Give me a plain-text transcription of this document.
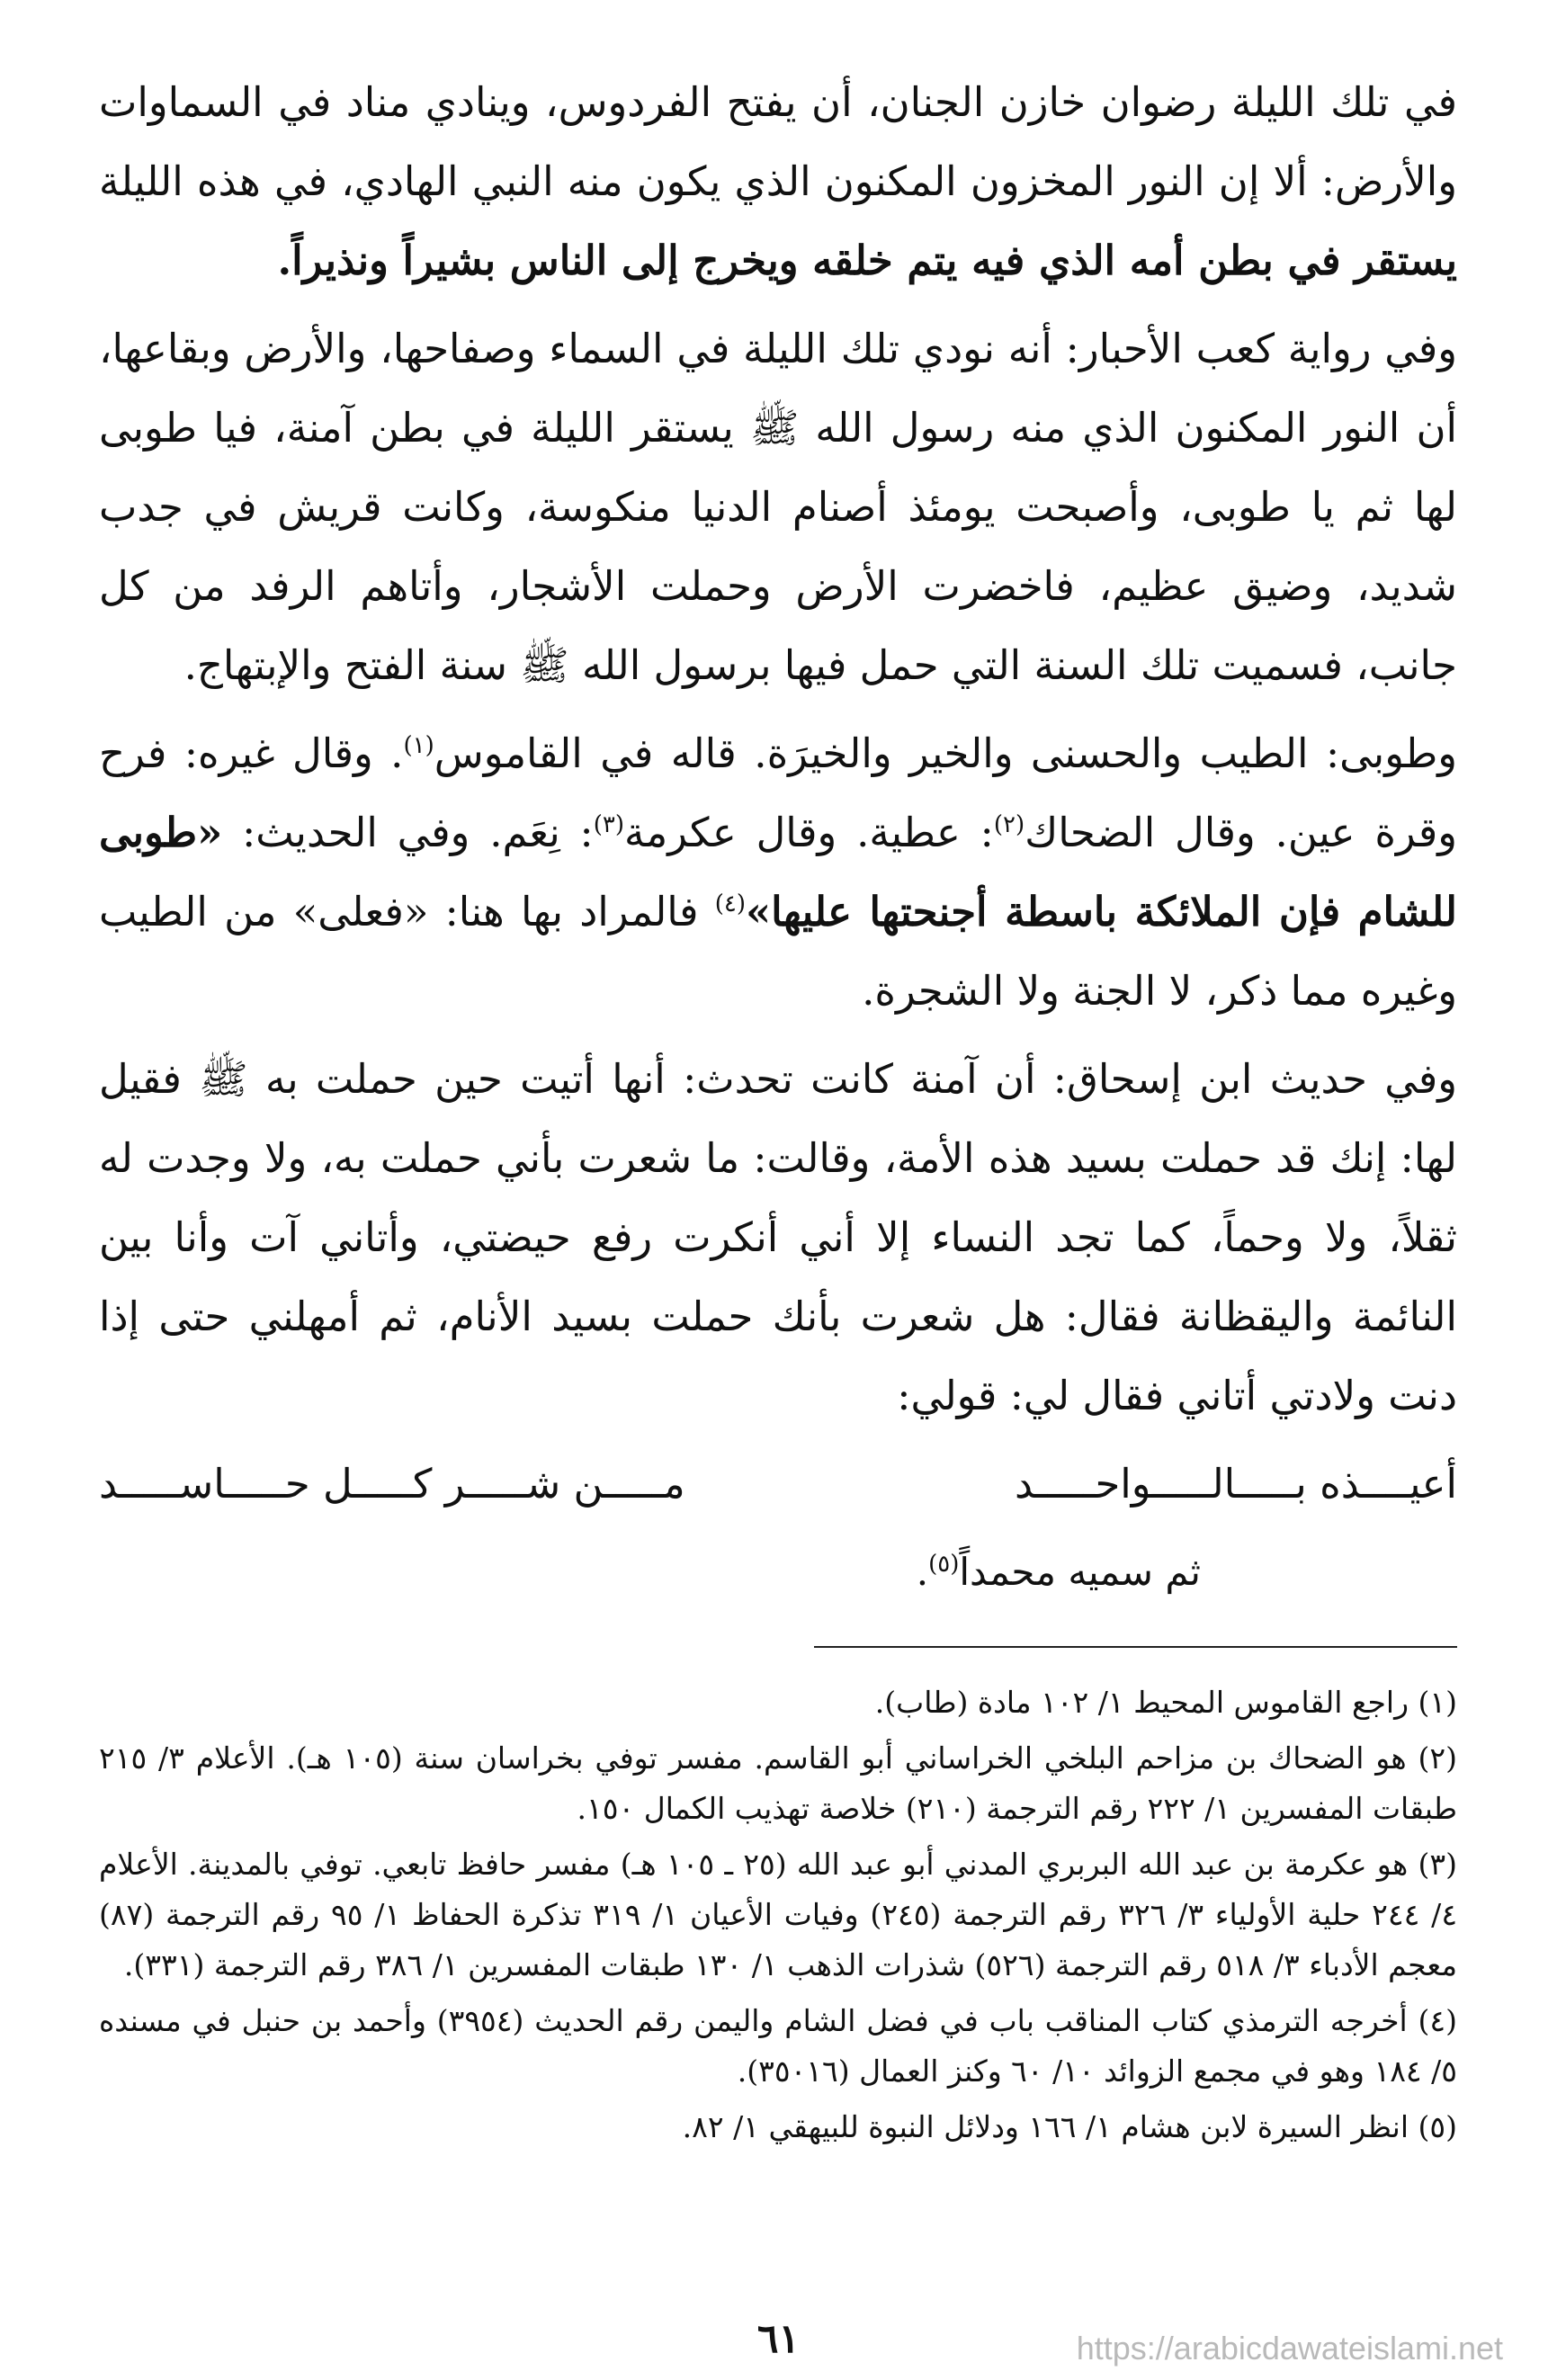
في تلك الليلة رضوان خازن الجنان، أن يفتح الفردوس، وينادي مناد في السماوات والأرض: ألا إن النور المخزون المكنون الذي يكون منه النبي الهادي، في هذه الليلة يستقر في بطن أمه الذي فيه يتم خلقه ويخرج إلى الناس بشيراً ونذيراً.

وفي رواية كعب الأحبار: أنه نودي تلك الليلة في السماء وصفاحها، والأرض وبقاعها، أن النور المكنون الذي منه رسول الله ﷺ يستقر الليلة في بطن آمنة، فيا طوبى لها ثم يا طوبى، وأصبحت يومئذ أصنام الدنيا منكوسة، وكانت قريش في جدب شديد، وضيق عظيم، فاخضرت الأرض وحملت الأشجار، وأتاهم الرفد من كل جانب، فسميت تلك السنة التي حمل فيها برسول الله ﷺ سنة الفتح والإبتهاج.

وطوبى: الطيب والحسنى والخير والخيرَة. قاله في القاموس$^{(١)}$. وقال غيره: فرح وقرة عين. وقال الضحاك$^{(٢)}$: عطية. وقال عكرمة$^{(٣)}$: نِعَم. وفي الحديث: «طوبى للشام فإن الملائكة باسطة أجنحتها عليها»$^{(٤)}$ فالمراد بها هنا: «فعلى» من الطيب وغيره مما ذكر، لا الجنة ولا الشجرة.

وفي حديث ابن إسحاق: أن آمنة كانت تحدث: أنها أتيت حين حملت به ﷺ فقيل لها: إنك قد حملت بسيد هذه الأمة، وقالت: ما شعرت بأني حملت به، ولا وجدت له ثقلاً، ولا وحماً، كما تجد النساء إلا أني أنكرت رفع حيضتي، وأتاني آت وأنا بين النائمة واليقظانة فقال: هل شعرت بأنك حملت بسيد الأنام، ثم أمهلني حتى إذا دنت ولادتي أتاني فقال لي: قولي:

أعيــــذه بـــــالـــــواحـــــد
مـــــن شـــــر كـــــل حـــــاســـــد

ثم سميه محمداً$^{(٥)}$.

(١) راجع القاموس المحيط ١/ ١٠٢ مادة (طاب).

(٢) هو الضحاك بن مزاحم البلخي الخراساني أبو القاسم. مفسر توفي بخراسان سنة (١٠٥ هـ). الأعلام ٣/ ٢١٥ طبقات المفسرين ١/ ٢٢٢ رقم الترجمة (٢١٠) خلاصة تهذيب الكمال ١٥٠.

(٣) هو عكرمة بن عبد الله البربري المدني أبو عبد الله (٢٥ ـ ١٠٥ هـ) مفسر حافظ تابعي. توفي بالمدينة. الأعلام ٤/ ٢٤٤ حلية الأولياء ٣/ ٣٢٦ رقم الترجمة (٢٤٥) وفيات الأعيان ١/ ٣١٩ تذكرة الحفاظ ١/ ٩٥ رقم الترجمة (٨٧) معجم الأدباء ٣/ ٥١٨ رقم الترجمة (٥٢٦) شذرات الذهب ١/ ١٣٠ طبقات المفسرين ١/ ٣٨٦ رقم الترجمة (٣٣١).

(٤) أخرجه الترمذي كتاب المناقب باب في فضل الشام واليمن رقم الحديث (٣٩٥٤) وأحمد بن حنبل في مسنده ٥/ ١٨٤ وهو في مجمع الزوائد ١٠/ ٦٠ وكنز العمال (٣٥٠١٦).

(٥) انظر السيرة لابن هشام ١/ ١٦٦ ودلائل النبوة للبيهقي ١/ ٨٢.

٦١	https://arabicdawateislami.net
